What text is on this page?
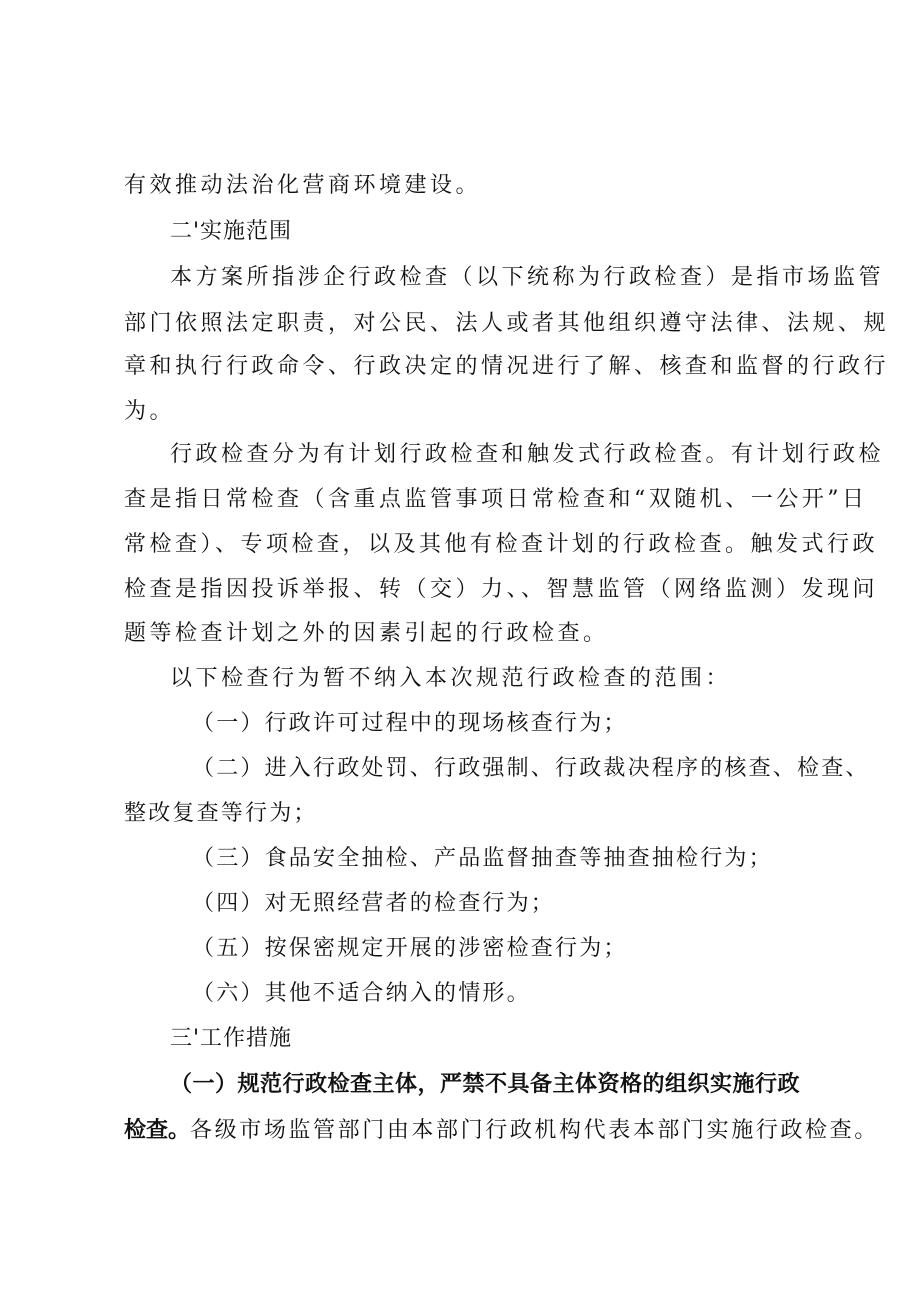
有效推动法治化营商环境建设。
二'实施范围
本方案所指涉企行政检查（以下统称为行政检查）是指市场监管
部门依照法定职责，对公民、法人或者其他组织遵守法律、法规、规
章和执行行政命令、行政决定的情况进行了解、核查和监督的行政行
为。
行政检查分为有计划行政检查和触发式行政检查。有计划行政检
查是指日常检查（含重点监管事项日常检查和“双随机、一公开”日
常检查）、专项检查，以及其他有检查计划的行政检查。触发式行政
检查是指因投诉举报、转（交）力、、智慧监管（网络监测）发现问
题等检查计划之外的因素引起的行政检查。
以下检查行为暂不纳入本次规范行政检查的范围：
（一）行政许可过程中的现场核查行为；
（二）进入行政处罚、行政强制、行政裁决程序的核查、检查、
整改复查等行为；
（三）食品安全抽检、产品监督抽查等抽查抽检行为；
（四）对无照经营者的检查行为；
（五）按保密规定开展的涉密检查行为；
（六）其他不适合纳入的情形。
三'工作措施
（一）规范行政检查主体，严禁不具备主体资格的组织实施行政
检查。各级市场监管部门由本部门行政机构代表本部门实施行政检查。
